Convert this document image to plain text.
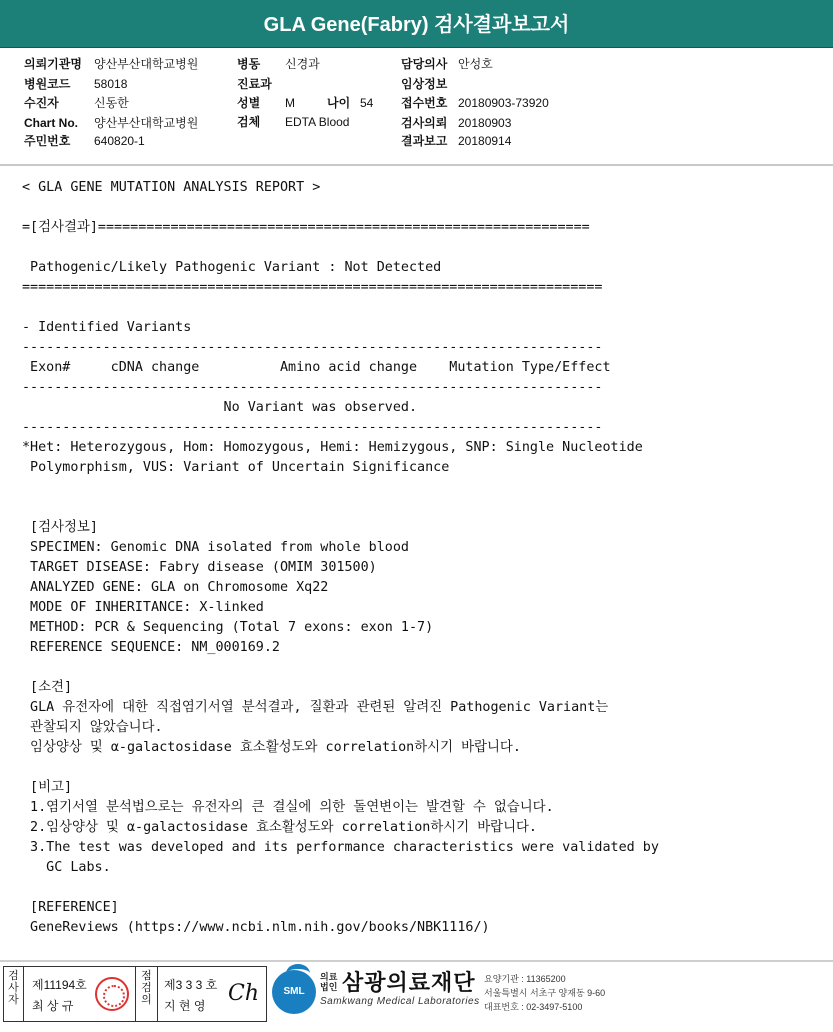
GLA Gene(Fabry) 검사결과보고서
의뢰기관명 양산부산대학교병원
병원코드 58018
수진자	신동한
Chart No. 양산부산대학교병원
주민번호 640820-1
병동 신경과
진료과
성별 M	나이 54
검체 EDTA Blood
담당의사 안성호
임상정보
접수번호 20180903-73920
검사의뢰 20180903
결과보고 20180914
< GLA GENE MUTATION ANALYSIS REPORT >
=[검사결과]=============================================================
Pathogenic/Likely Pathogenic Variant : Not Detected
========================================================================
- Identified Variants
------------------------------------------------------------------------
Exon#     cDNA change          Amino acid change    Mutation Type/Effect
------------------------------------------------------------------------
No Variant was observed.
------------------------------------------------------------------------
*Het: Heterozygous, Hom: Homozygous, Hemi: Hemizygous, SNP: Single Nucleotide
Polymorphism, VUS: Variant of Uncertain Significance
[검사정보]
SPECIMEN: Genomic DNA isolated from whole blood
TARGET DISEASE: Fabry disease (OMIM 301500)
ANALYZED GENE: GLA on Chromosome Xq22
MODE OF INHERITANCE: X-linked
METHOD: PCR & Sequencing (Total 7 exons: exon 1-7)
REFERENCE SEQUENCE: NM_000169.2
[소견]
GLA 유전자에 대한 직접염기서열 분석결과, 질환과 관련된 알려진 Pathogenic Variant는
관찰되지 않았습니다.
임상양상 및 α-galactosidase 효소활성도와 correlation하시기 바랍니다.
[비고]
1.염기서열 분석법으로는 유전자의 큰 결실에 의한 돌연변이는 발견할 수 없습니다.
2.임상양상 및 α-galactosidase 효소활성도와 correlation하시기 바랍니다.
3.The test was developed and its performance characteristics were validated by
GC Labs.
[REFERENCE]
GeneReviews (https://www.ncbi.nlm.nih.gov/books/NBK1116/)
검사자
제11194호
최 상 규
점검의
제3 3 3 호
지 현 영 Ch	SML
의료
법인 삼광의료재단
Samkwang Medical Laboratories
요양기관 : 11365200
서울특별시 서초구 양재동 9-60
대표번호 : 02-3497-5100
